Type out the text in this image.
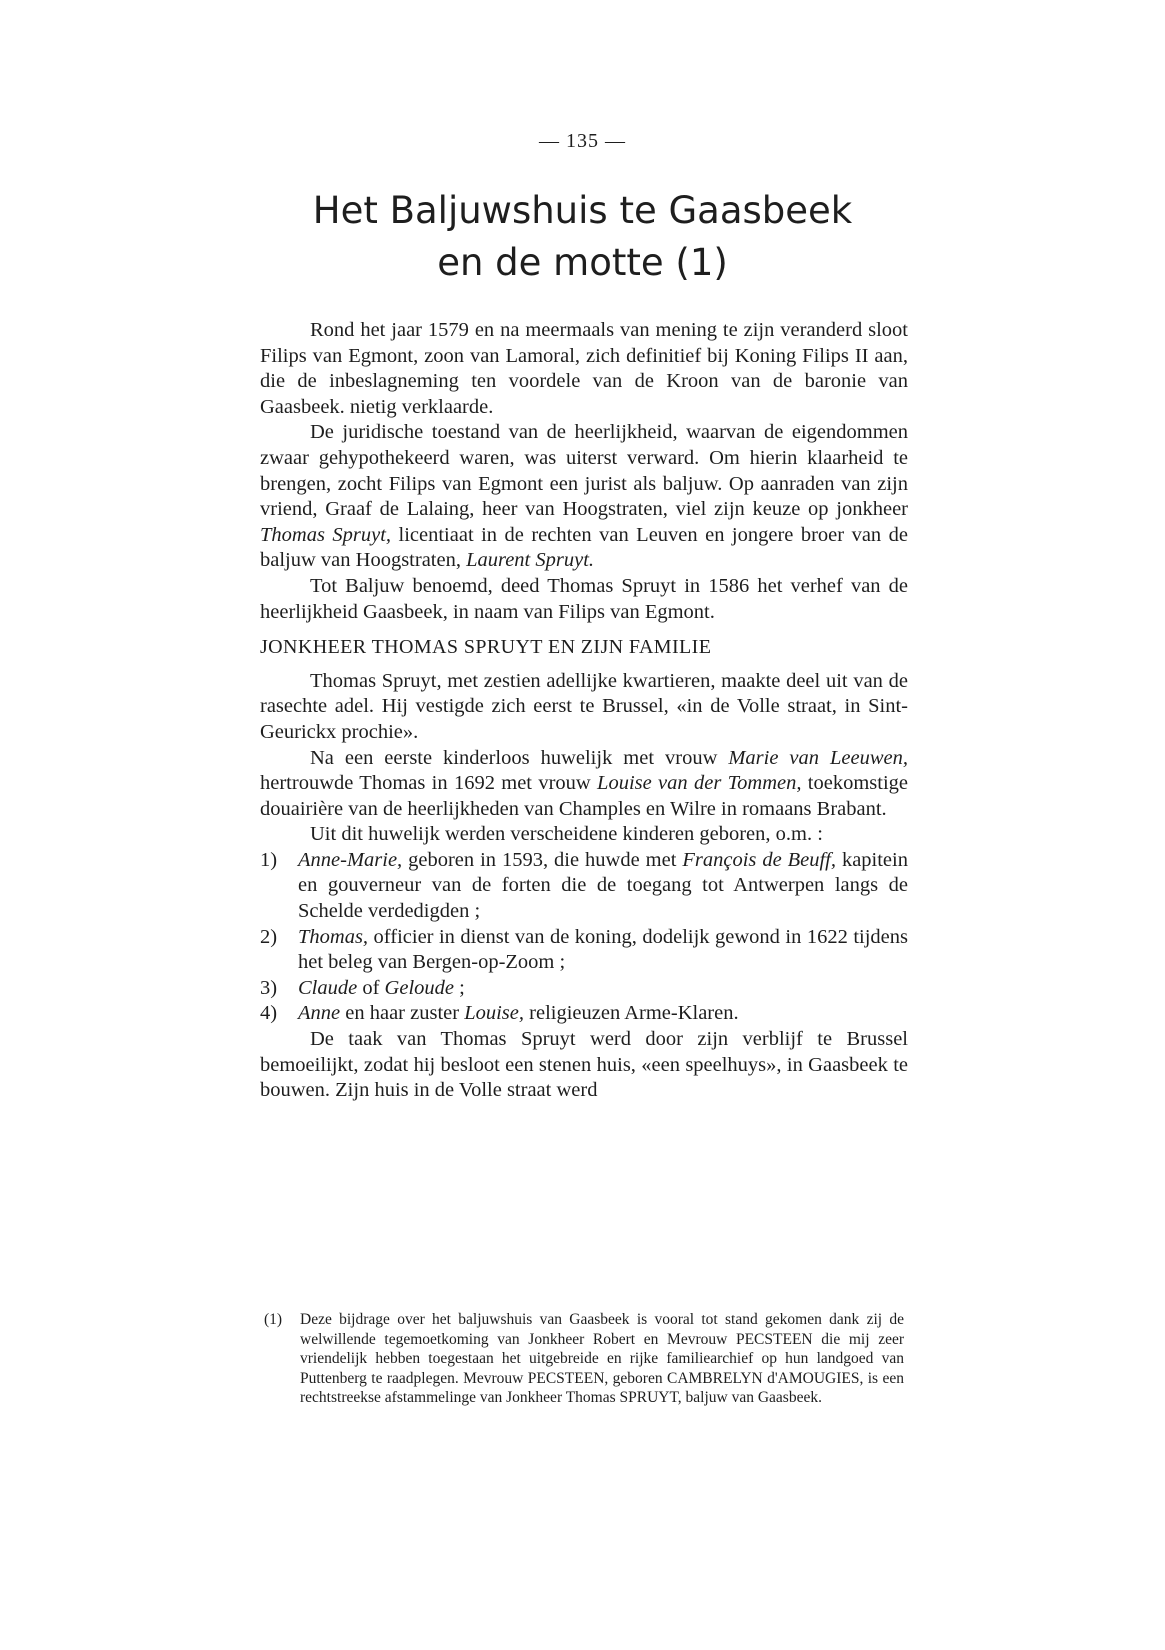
— 135 —
Het Baljuwshuis te Gaasbeek
en de motte (1)

Rond het jaar 1579 en na meermaals van mening te zijn veranderd sloot Filips van Egmont, zoon van Lamoral, zich definitief bij Koning Filips II aan, die de inbeslagneming ten voordele van de Kroon van de baronie van Gaasbeek. nietig verklaarde.

De juridische toestand van de heerlijkheid, waarvan de eigendommen zwaar gehypothekeerd waren, was uiterst verward. Om hierin klaarheid te brengen, zocht Filips van Egmont een jurist als baljuw. Op aanraden van zijn vriend, Graaf de Lalaing, heer van Hoogstraten, viel zijn keuze op jonkheer Thomas Spruyt, licentiaat in de rechten van Leuven en jongere broer van de baljuw van Hoogstraten, Laurent Spruyt.

Tot Baljuw benoemd, deed Thomas Spruyt in 1586 het verhef van de heerlijkheid Gaasbeek, in naam van Filips van Egmont.

JONKHEER THOMAS SPRUYT EN ZIJN FAMILIE

Thomas Spruyt, met zestien adellijke kwartieren, maakte deel uit van de rasechte adel. Hij vestigde zich eerst te Brussel, «in de Volle straat, in Sint-Geurickx prochie».

Na een eerste kinderloos huwelijk met vrouw Marie van Leeuwen, hertrouwde Thomas in 1692 met vrouw Louise van der Tommen, toekomstige douairière van de heerlijkheden van Champles en Wilre in romaans Brabant.

Uit dit huwelijk werden verscheidene kinderen geboren, o.m. :

1) Anne-Marie, geboren in 1593, die huwde met François de Beuff, kapitein en gouverneur van de forten die de toegang tot Antwerpen langs de Schelde verdedigden ;
2) Thomas, officier in dienst van de koning, dodelijk gewond in 1622 tijdens het beleg van Bergen-op-Zoom ;
3) Claude of Geloude ;
4) Anne en haar zuster Louise, religieuzen Arme-Klaren.

De taak van Thomas Spruyt werd door zijn verblijf te Brussel bemoeilijkt, zodat hij besloot een stenen huis, «een speelhuys», in Gaasbeek te bouwen. Zijn huis in de Volle straat werd

(1) Deze bijdrage over het baljuwshuis van Gaasbeek is vooral tot stand gekomen dank zij de welwillende tegemoetkoming van Jonkheer Robert en Mevrouw PECSTEEN die mij zeer vriendelijk hebben toegestaan het uitgebreide en rijke familiearchief op hun landgoed van Puttenberg te raadplegen. Mevrouw PECSTEEN, geboren CAMBRELYN d'AMOUGIES, is een rechtstreekse afstammelinge van Jonkheer Thomas SPRUYT, baljuw van Gaasbeek.
